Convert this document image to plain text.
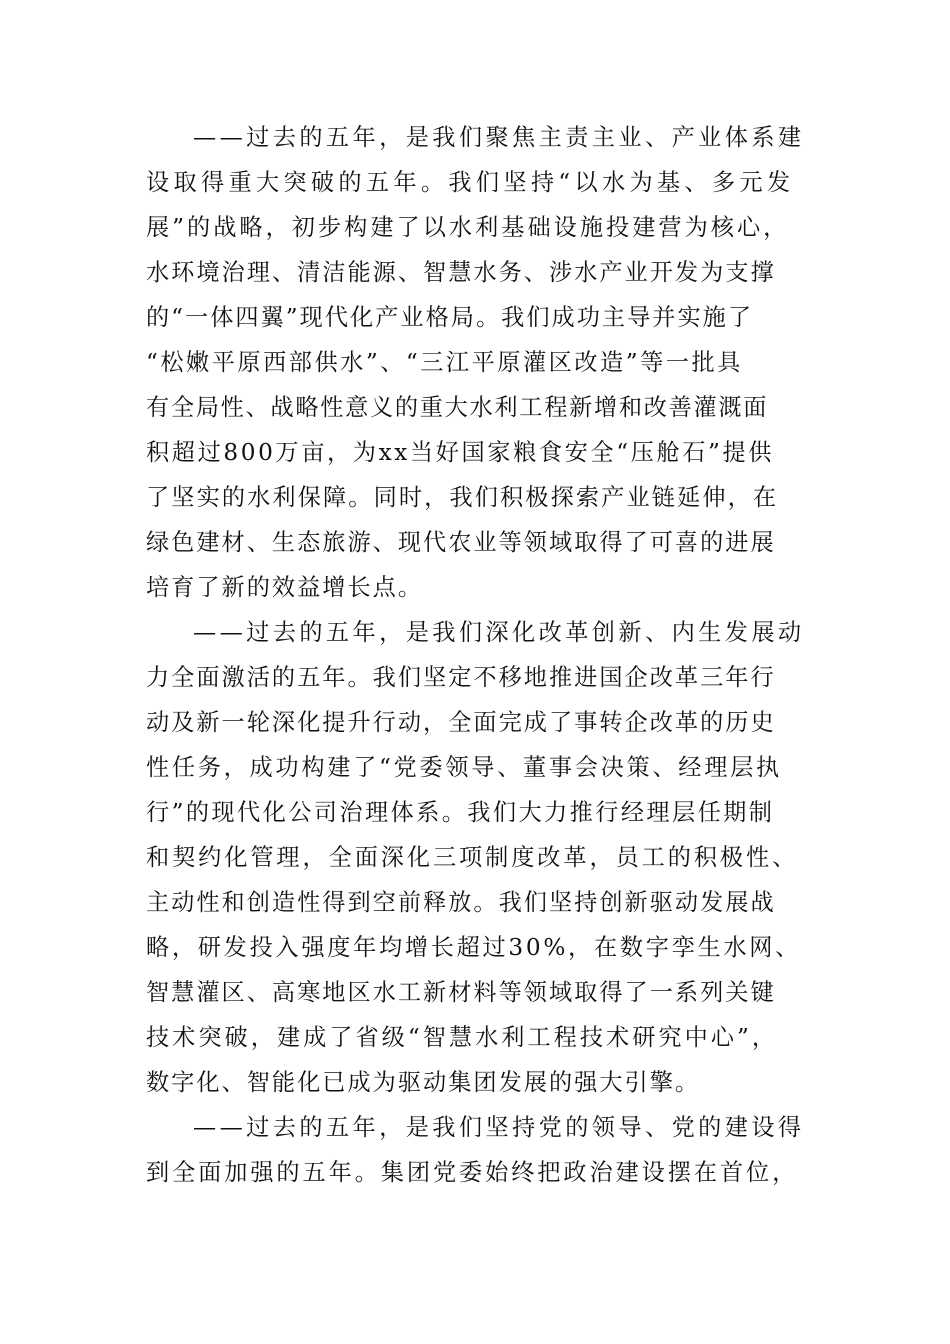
——过去的五年，是我们聚焦主责主业、产业体系建
设取得重大突破的五年。我们坚持“以水为基、多元发
展”的战略，初步构建了以水利基础设施投建营为核心，
水环境治理、清洁能源、智慧水务、涉水产业开发为支撑
的“一体四翼”现代化产业格局。我们成功主导并实施了
“松嫩平原西部供水”、“三江平原灌区改造”等一批具
有全局性、战略性意义的重大水利工程新增和改善灌溉面
积超过800万亩，为xx当好国家粮食安全“压舱石”提供
了坚实的水利保障。同时，我们积极探索产业链延伸，在
绿色建材、生态旅游、现代农业等领域取得了可喜的进展
培育了新的效益增长点。
——过去的五年，是我们深化改革创新、内生发展动
力全面激活的五年。我们坚定不移地推进国企改革三年行
动及新一轮深化提升行动，全面完成了事转企改革的历史
性任务，成功构建了“党委领导、董事会决策、经理层执
行”的现代化公司治理体系。我们大力推行经理层任期制
和契约化管理，全面深化三项制度改革，员工的积极性、
主动性和创造性得到空前释放。我们坚持创新驱动发展战
略，研发投入强度年均增长超过30%，在数字孪生水网、
智慧灌区、高寒地区水工新材料等领域取得了一系列关键
技术突破，建成了省级“智慧水利工程技术研究中心”，
数字化、智能化已成为驱动集团发展的强大引擎。
——过去的五年，是我们坚持党的领导、党的建设得
到全面加强的五年。集团党委始终把政治建设摆在首位，
